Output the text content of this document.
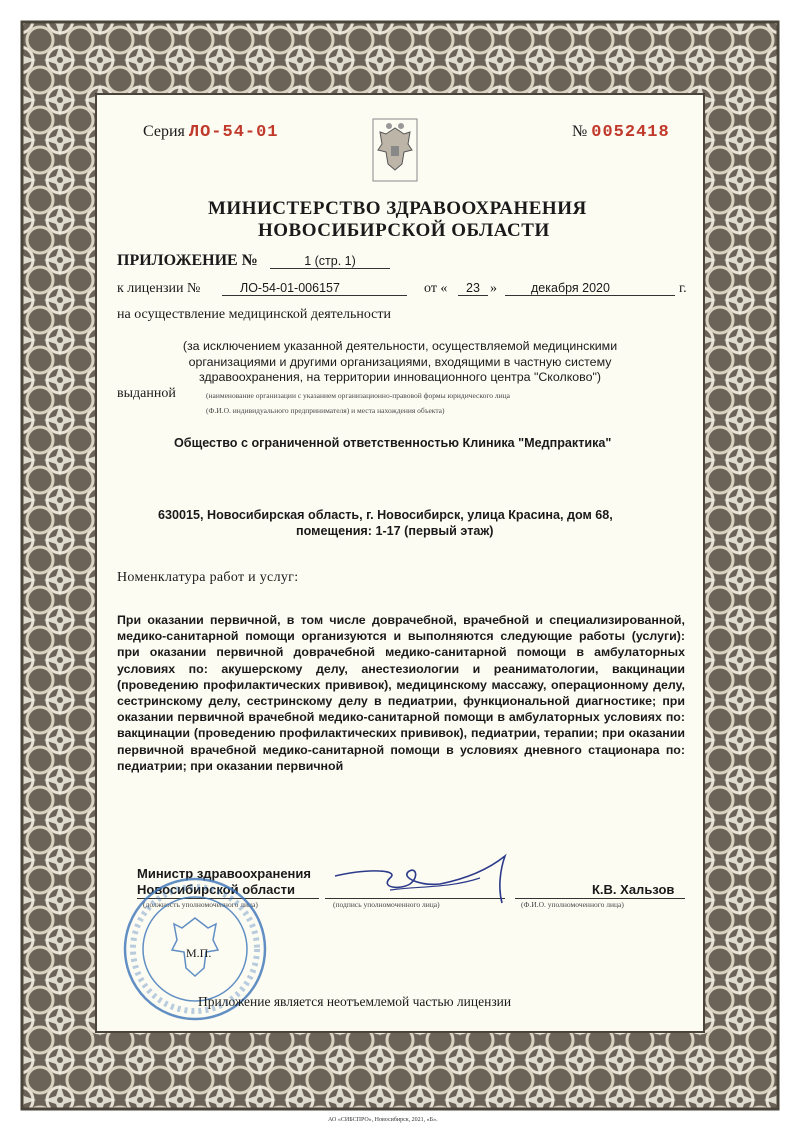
Серия ЛО-54-01	№ 0052418
МИНИСТЕРСТВО ЗДРАВООХРАНЕНИЯ
НОВОСИБИРСКОЙ ОБЛАСТИ
ПРИЛОЖЕНИЕ №	1 (стр. 1)
к лицензии №	ЛО-54-01-006157	от «	23 »	декабря 2020	г.
на осуществление медицинской деятельности
(за исключением указанной деятельности, осуществляемой медицинскими организациями и другими организациями, входящими в частную систему здравоохранения, на территории инновационного центра "Сколково")
выданной	(наименование организации с указанием организационно-правовой формы юридического лица
(Ф.И.О. индивидуального предпринимателя) и места нахождения объекта)
Общество с ограниченной ответственностью Клиника "Медпрактика"
630015, Новосибирская область, г. Новосибирск, улица Красина, дом 68,
помещения: 1-17 (первый этаж)
Номенклатура работ и услуг:
При оказании первичной, в том числе доврачебной, врачебной и специализированной, медико-санитарной помощи организуются и выполняются следующие работы (услуги): при оказании первичной доврачебной медико-санитарной помощи в амбулаторных условиях по: акушерскому делу, анестезиологии и реаниматологии, вакцинации (проведению профилактических прививок), медицинскому массажу, операционному делу, сестринскому делу, сестринскому делу в педиатрии, функциональной диагностике; при оказании первичной врачебной медико-санитарной помощи в амбулаторных условиях по: вакцинации (проведению профилактических прививок), педиатрии, терапии; при оказании первичной врачебной медико-санитарной помощи в условиях дневного стационара по: педиатрии; при оказании первичной
Министр здравоохранения
Новосибирской области	К.В. Хальзов
(должность уполномоченного лица)	(подпись уполномоченного лица)	(Ф.И.О. уполномоченного лица)
М.П.
Приложение является неотъемлемой частью лицензии
АО «СИБСПРО», Новосибирск, 2021, «Б».
